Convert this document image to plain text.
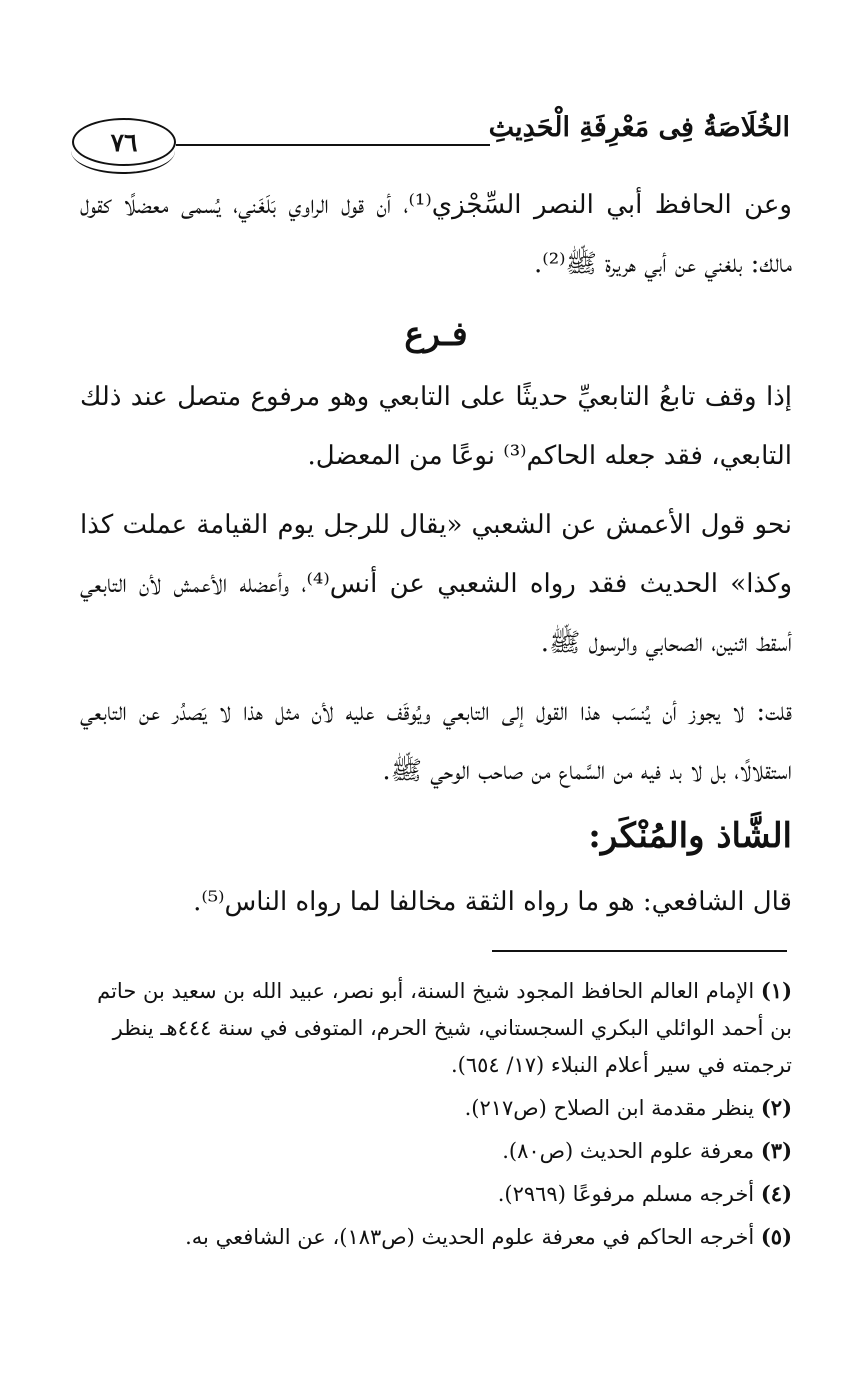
٧٦	الخُلَاصَةُ فِى مَعْرِفَةِ الْحَدِيثِ

وعن الحافظ أبي النصر السِّجْزي⁽¹⁾، أن قول الراوي بَلَغَني، يُسمى معضلًا كقول مالك: بلغني عن أبي هريرة ﷺ⁽²⁾.

فـرع

إذا وقف تابعُ التابعيِّ حديثًا على التابعي وهو مرفوع متصل عند ذلك التابعي، فقد جعله الحاكم⁽³⁾ نوعًا من المعضل.

نحو قول الأعمش عن الشعبي «يقال للرجل يوم القيامة عملت كذا وكذا» الحديث فقد رواه الشعبي عن أنس⁽⁴⁾، وأعضله الأعمش لأن التابعي أسقط اثنين، الصحابي والرسول ﷺ.

قلت: لا يجوز أن يُنسَب هذا القول إلى التابعي ويُوقَف عليه لأن مثل هذا لا يَصدُر عن التابعي استقلالًا، بل لا بد فيه من السَّماع من صاحب الوحي ﷺ.

الشَّاذ والمُنْكَر:

قال الشافعي: هو ما رواه الثقة مخالفا لما رواه الناس⁽⁵⁾.

(١) الإمام العالم الحافظ المجود شيخ السنة، أبو نصر، عبيد الله بن سعيد بن حاتم بن أحمد الوائلي البكري السجستاني، شيخ الحرم، المتوفى في سنة ٤٤٤هـ ينظر ترجمته في سير أعلام النبلاء (١٧/ ٦٥٤).

(٢) ينظر مقدمة ابن الصلاح (ص٢١٧).

(٣) معرفة علوم الحديث (ص٨٠).

(٤) أخرجه مسلم مرفوعًا (٢٩٦٩).

(٥) أخرجه الحاكم في معرفة علوم الحديث (ص١٨٣)، عن الشافعي به.
